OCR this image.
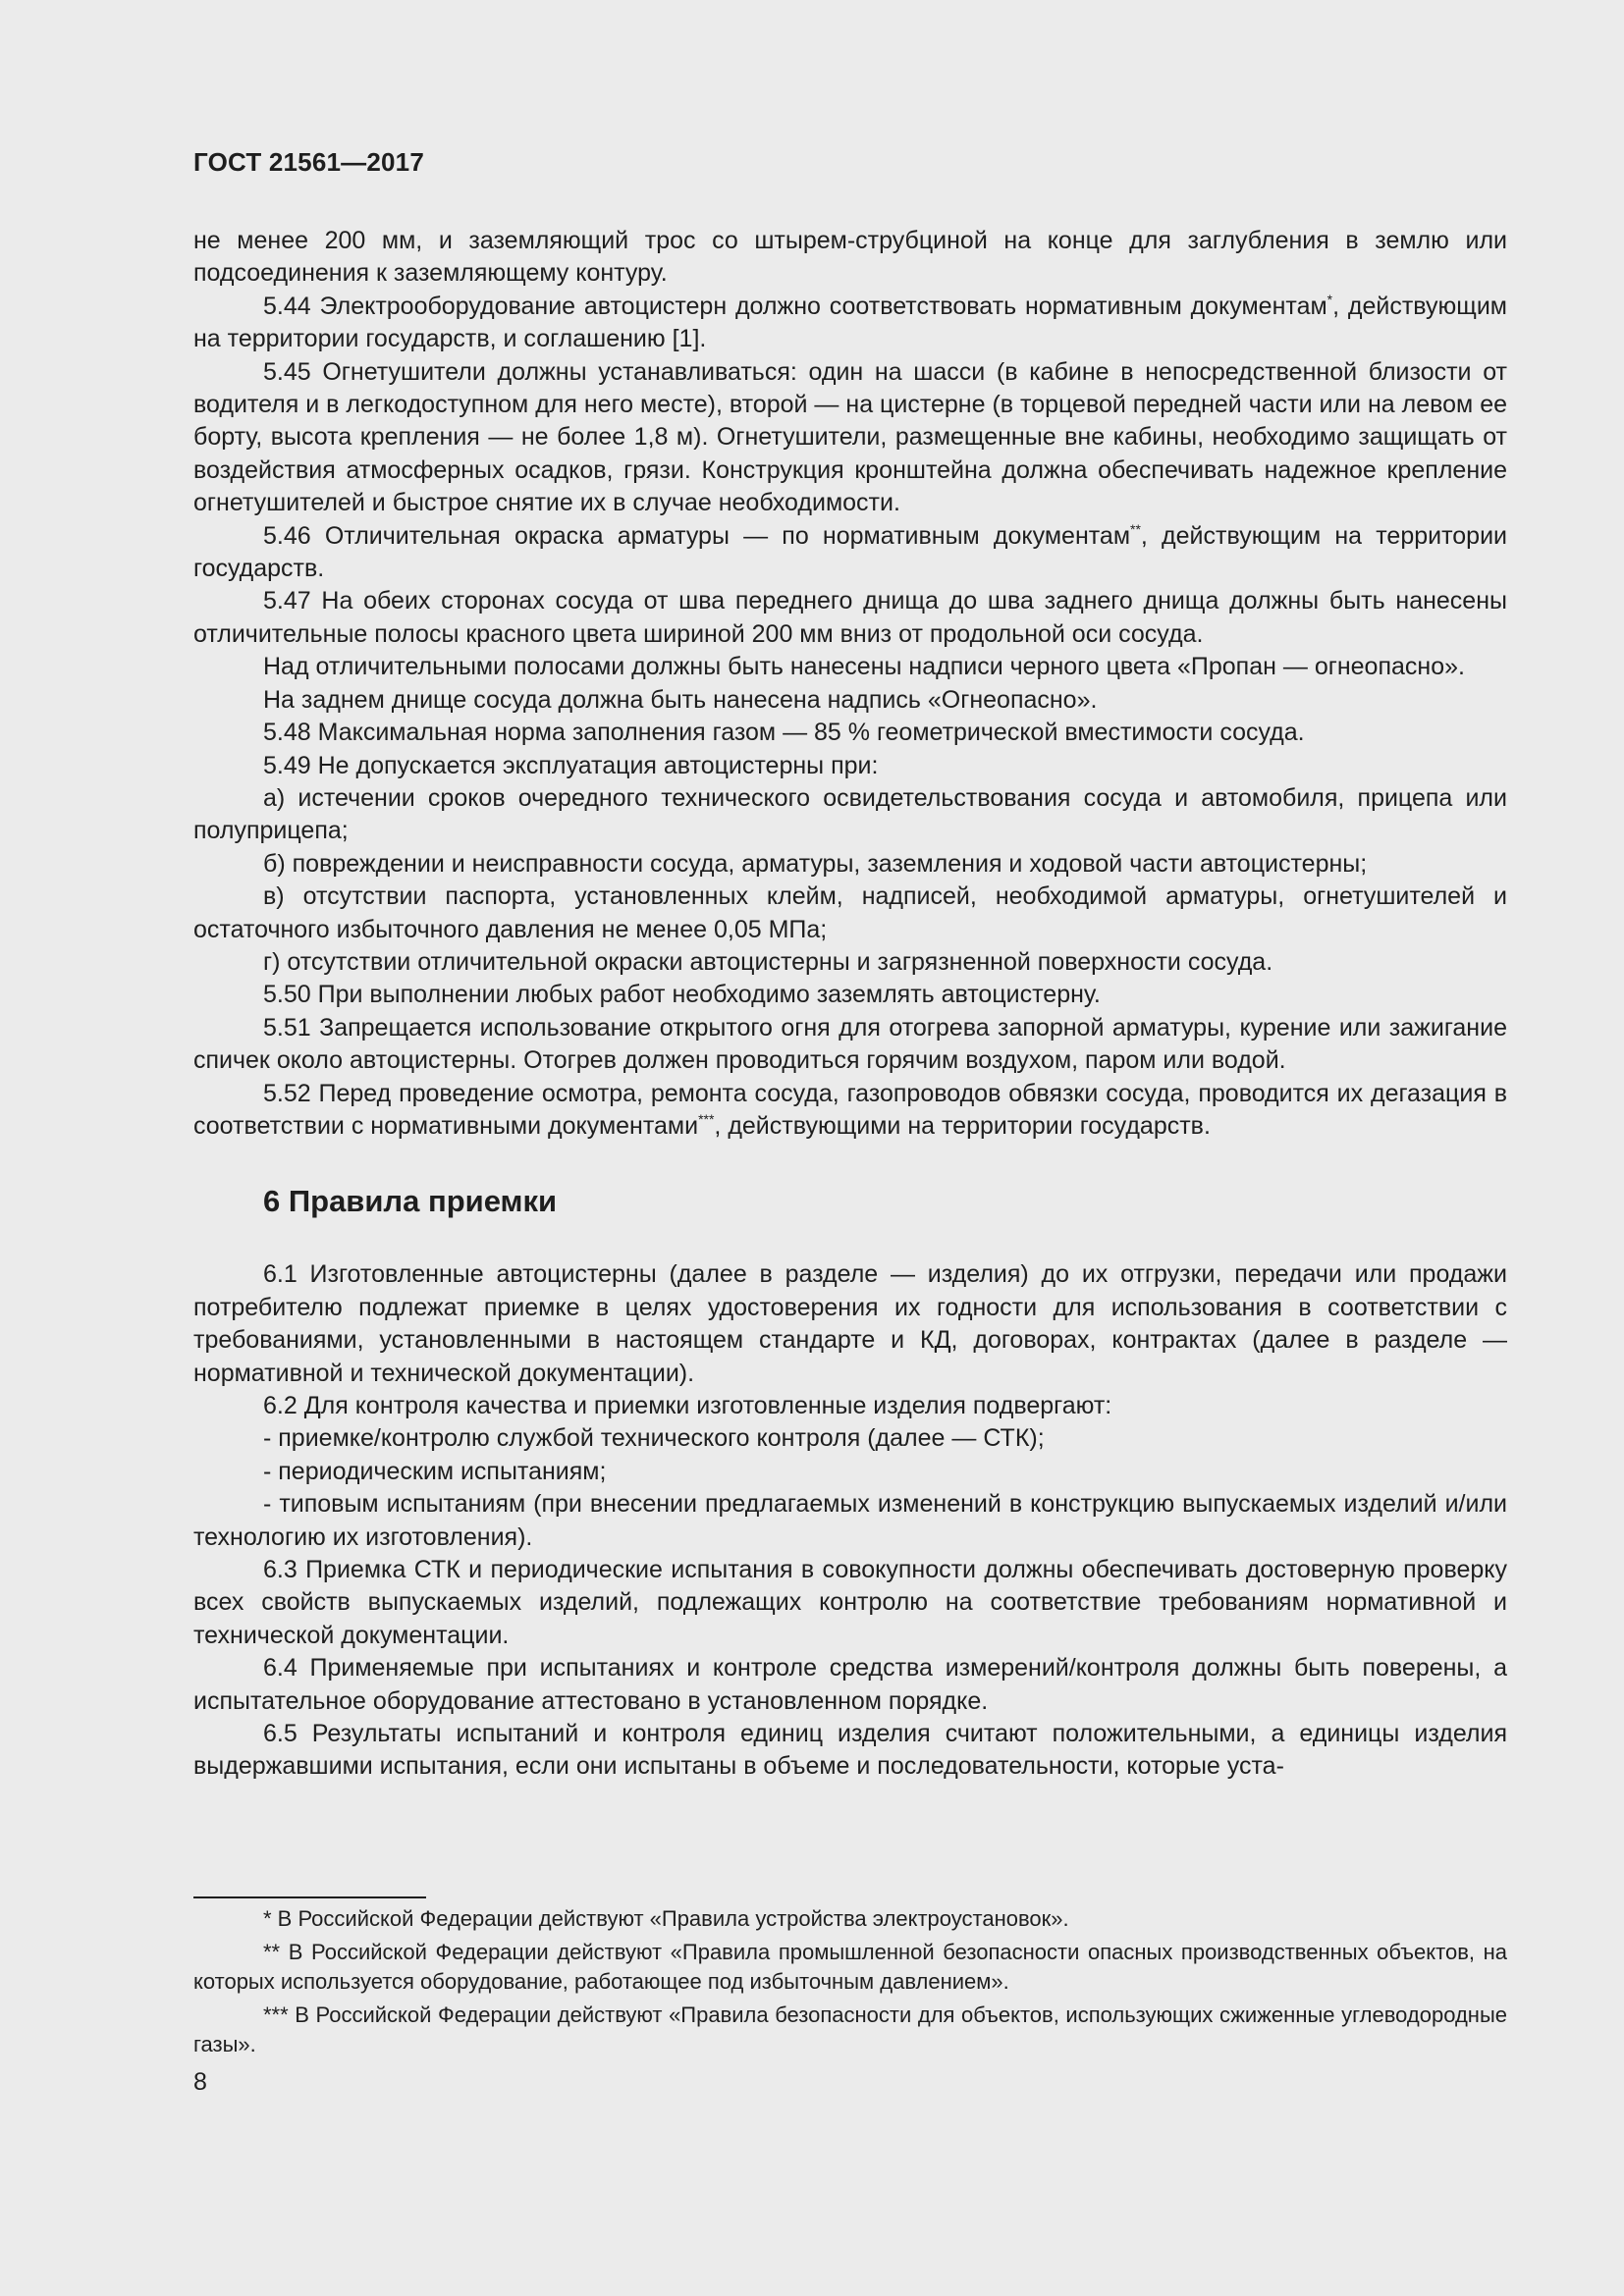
ГОСТ 21561—2017

не менее 200 мм, и заземляющий трос со штырем-струбциной на конце для заглубления в землю или подсоединения к заземляющему контуру.

5.44 Электрооборудование автоцистерн должно соответствовать нормативным документам*, действующим на территории государств, и соглашению [1].

5.45 Огнетушители должны устанавливаться: один на шасси (в кабине в непосредственной близости от водителя и в легкодоступном для него месте), второй — на цистерне (в торцевой передней части или на левом ее борту, высота крепления — не более 1,8 м). Огнетушители, размещенные вне кабины, необходимо защищать от воздействия атмосферных осадков, грязи. Конструкция кронштейна должна обеспечивать надежное крепление огнетушителей и быстрое снятие их в случае необходимости.

5.46 Отличительная окраска арматуры — по нормативным документам**, действующим на территории государств.

5.47 На обеих сторонах сосуда от шва переднего днища до шва заднего днища должны быть нанесены отличительные полосы красного цвета шириной 200 мм вниз от продольной оси сосуда.

Над отличительными полосами должны быть нанесены надписи черного цвета «Пропан — огнеопасно».

На заднем днище сосуда должна быть нанесена надпись «Огнеопасно».

5.48 Максимальная норма заполнения газом — 85 % геометрической вместимости сосуда.

5.49 Не допускается эксплуатация автоцистерны при:

а) истечении сроков очередного технического освидетельствования сосуда и автомобиля, прицепа или полуприцепа;

б) повреждении и неисправности сосуда, арматуры, заземления и ходовой части автоцистерны;

в) отсутствии паспорта, установленных клейм, надписей, необходимой арматуры, огнетушителей и остаточного избыточного давления не менее 0,05 МПа;

г) отсутствии отличительной окраски автоцистерны и загрязненной поверхности сосуда.

5.50 При выполнении любых работ необходимо заземлять автоцистерну.

5.51 Запрещается использование открытого огня для отогрева запорной арматуры, курение или зажигание спичек около автоцистерны. Отогрев должен проводиться горячим воздухом, паром или водой.

5.52 Перед проведение осмотра, ремонта сосуда, газопроводов обвязки сосуда, проводится их дегазация в соответствии с нормативными документами***, действующими на территории государств.

6 Правила приемки

6.1 Изготовленные автоцистерны (далее в разделе — изделия) до их отгрузки, передачи или продажи потребителю подлежат приемке в целях удостоверения их годности для использования в соответствии с требованиями, установленными в настоящем стандарте и КД, договорах, контрактах (далее в разделе — нормативной и технической документации).

6.2 Для контроля качества и приемки изготовленные изделия подвергают:

- приемке/контролю службой технического контроля (далее — СТК);

- периодическим испытаниям;

- типовым испытаниям (при внесении предлагаемых изменений в конструкцию выпускаемых изделий и/или технологию их изготовления).

6.3 Приемка СТК и периодические испытания в совокупности должны обеспечивать достоверную проверку всех свойств выпускаемых изделий, подлежащих контролю на соответствие требованиям нормативной и технической документации.

6.4 Применяемые при испытаниях и контроле средства измерений/контроля должны быть поверены, а испытательное оборудование аттестовано в установленном порядке.

6.5 Результаты испытаний и контроля единиц изделия считают положительными, а единицы изделия выдержавшими испытания, если они испытаны в объеме и последовательности, которые уста-

* В Российской Федерации действуют «Правила устройства электроустановок».

** В Российской Федерации действуют «Правила промышленной безопасности опасных производственных объектов, на которых используется оборудование, работающее под избыточным давлением».

*** В Российской Федерации действуют «Правила безопасности для объектов, использующих сжиженные углеводородные газы».

8
